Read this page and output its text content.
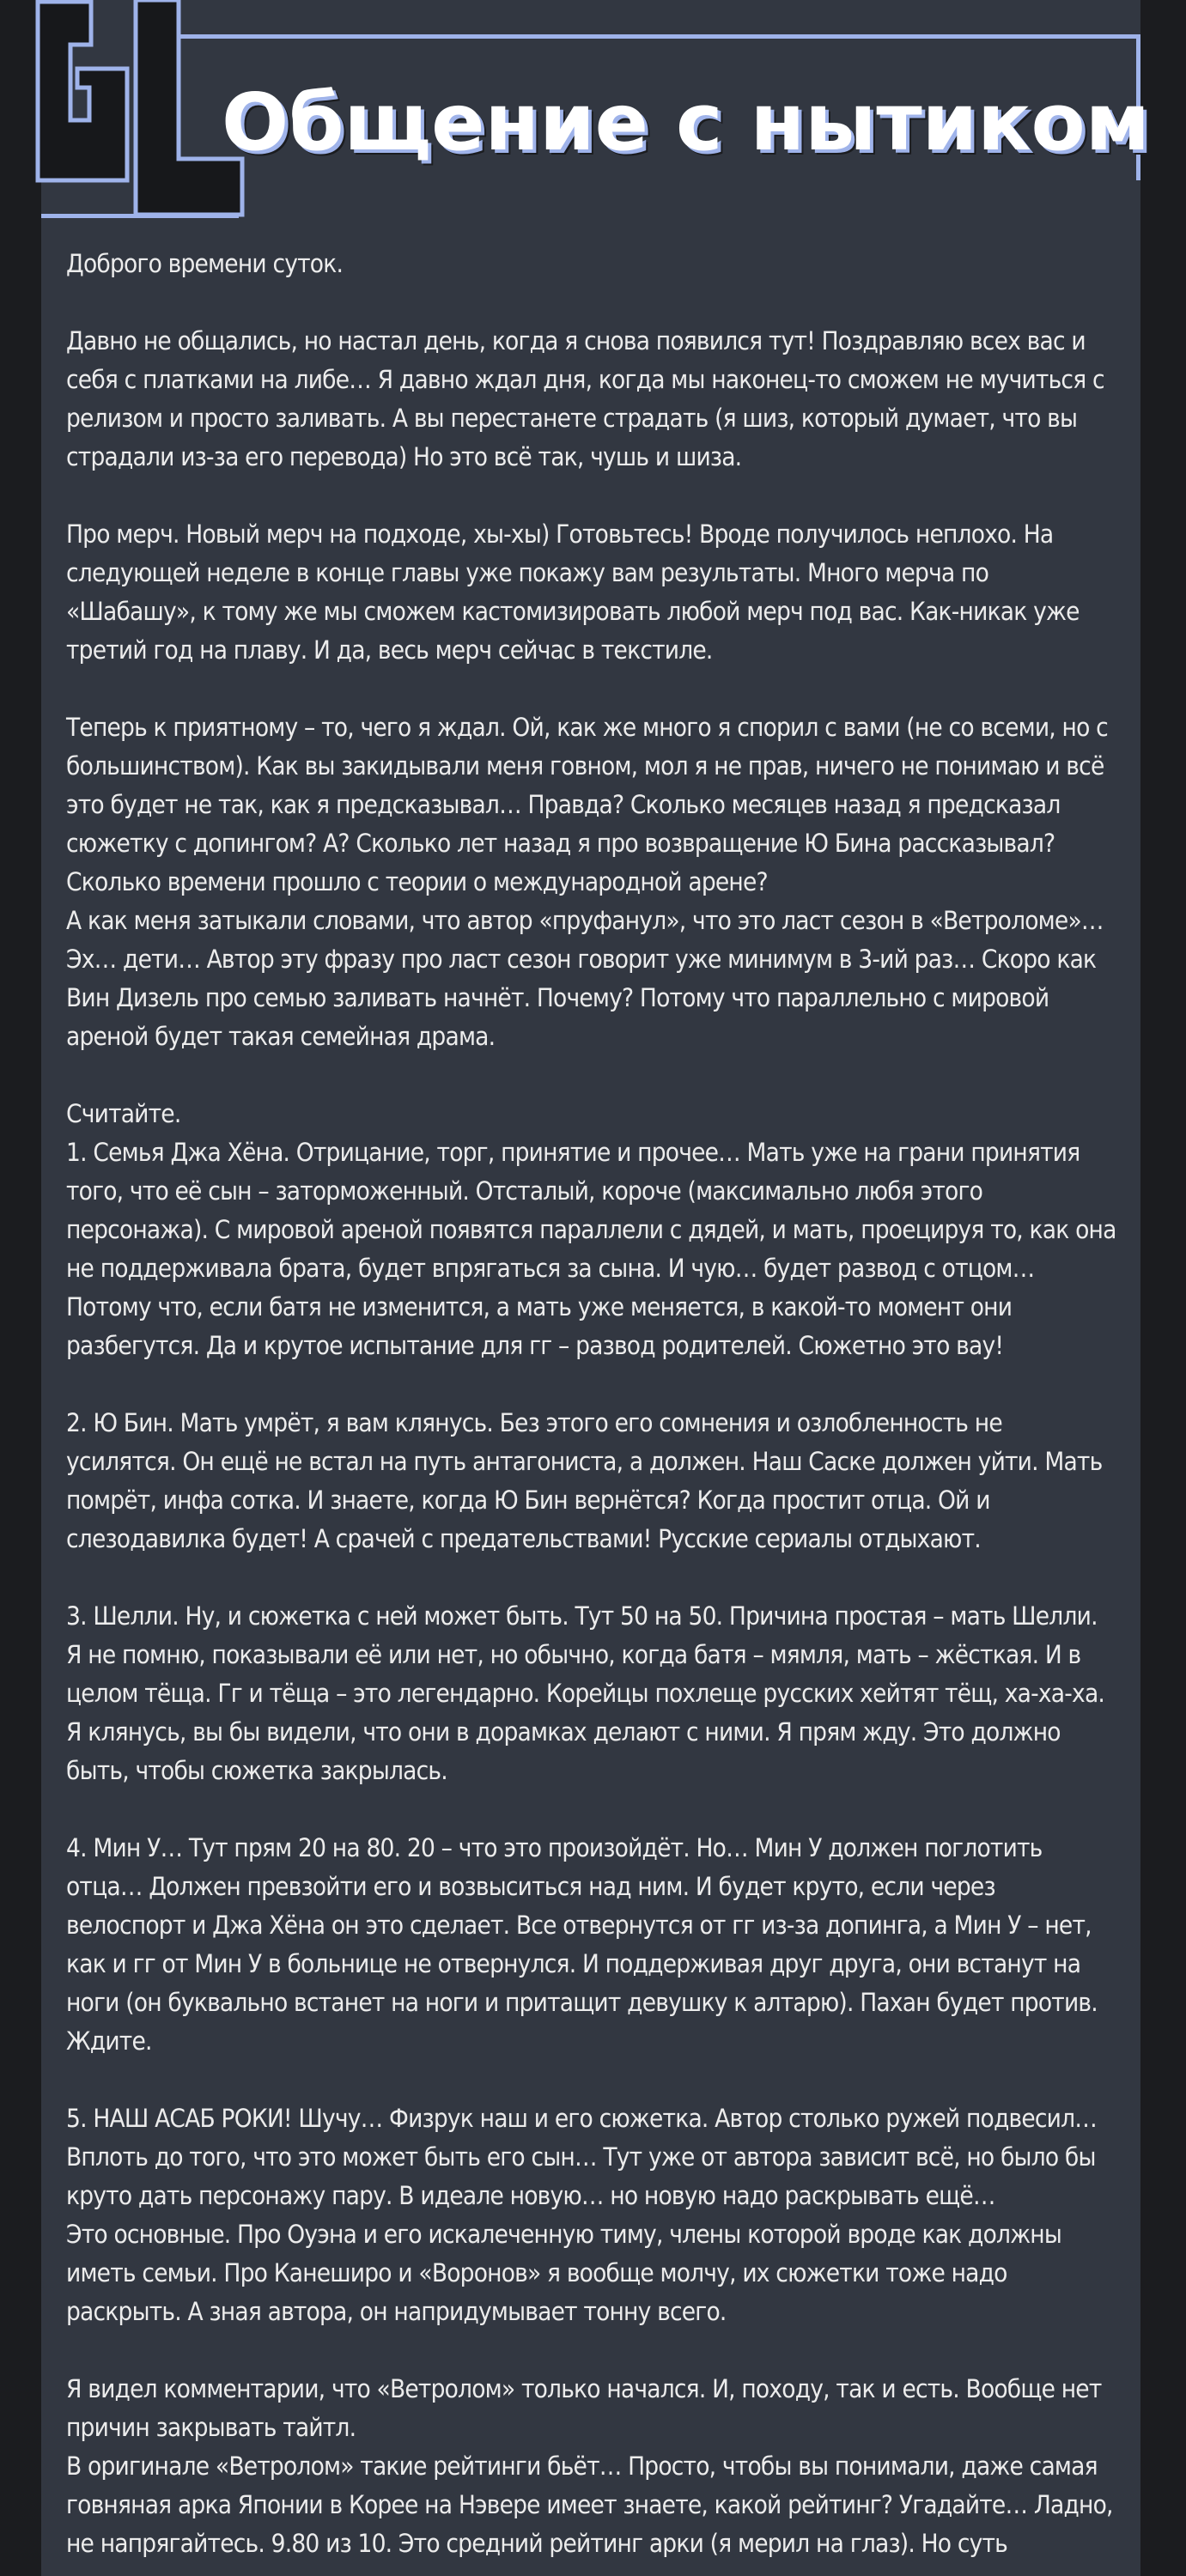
Общение с нытиком

Доброго времени суток.

Давно не общались, но настал день, когда я снова появился тут! Поздравляю всех вас и себя с платками на либе… Я давно ждал дня, когда мы наконец-то сможем не мучиться с релизом и просто заливать. А вы перестанете страдать (я шиз, который думает, что вы страдали из-за его перевода) Но это всё так, чушь и шиза.

Про мерч. Новый мерч на подходе, хы-хы) Готовьтесь! Вроде получилось неплохо. На следующей неделе в конце главы уже покажу вам результаты. Много мерча по «Шабашу», к тому же мы сможем кастомизировать любой мерч под вас. Как-никак уже третий год на плаву. И да, весь мерч сейчас в текстиле.

Теперь к приятному – то, чего я ждал. Ой, как же много я спорил с вами (не со всеми, но с большинством). Как вы закидывали меня говном, мол я не прав, ничего не понимаю и всё это будет не так, как я предсказывал… Правда? Сколько месяцев назад я предсказал сюжетку с допингом? А? Сколько лет назад я про возвращение Ю Бина рассказывал? Сколько времени прошло с теории о международной арене?

А как меня затыкали словами, что автор «пруфанул», что это ласт сезон в «Ветроломе»… Эх… дети… Автор эту фразу про ласт сезон говорит уже минимум в 3-ий раз… Скоро как Вин Дизель про семью заливать начнёт. Почему? Потому что параллельно с мировой ареной будет такая семейная драма.

Считайте.

1. Семья Джа Хёна. Отрицание, торг, принятие и прочее… Мать уже на грани принятия того, что её сын – заторможенный. Отсталый, короче (максимально любя этого персонажа). С мировой ареной появятся параллели с дядей, и мать, проецируя то, как она не поддерживала брата, будет впрягаться за сына. И чую… будет развод с отцом… Потому что, если батя не изменится, а мать уже меняется, в какой-то момент они разбегутся. Да и крутое испытание для гг – развод родителей. Сюжетно это вау!

2. Ю Бин. Мать умрёт, я вам клянусь. Без этого его сомнения и озлобленность не усилятся. Он ещё не встал на путь антагониста, а должен. Наш Саске должен уйти. Мать помрёт, инфа сотка. И знаете, когда Ю Бин вернётся? Когда простит отца. Ой и слезодавилка будет! А срачей с предательствами! Русские сериалы отдыхают.

3. Шелли. Ну, и сюжетка с ней может быть. Тут 50 на 50. Причина простая – мать Шелли. Я не помню, показывали её или нет, но обычно, когда батя – мямля, мать – жёсткая. И в целом тёща. Гг и тёща – это легендарно. Корейцы похлеще русских хейтят тёщ, ха-ха-ха. Я клянусь, вы бы видели, что они в дорамках делают с ними. Я прям жду. Это должно быть, чтобы сюжетка закрылась.

4. Мин У… Тут прям 20 на 80. 20 – что это произойдёт. Но… Мин У должен поглотить отца… Должен превзойти его и возвыситься над ним. И будет круто, если через велоспорт и Джа Хёна он это сделает. Все отвернутся от гг из-за допинга, а Мин У – нет, как и гг от Мин У в больнице не отвернулся. И поддерживая друг друга, они встанут на ноги (он буквально встанет на ноги и притащит девушку к алтарю). Пахан будет против. Ждите.

5. НАШ АСАБ РОКИ! Шучу… Физрук наш и его сюжетка. Автор столько ружей подвесил… Вплоть до того, что это может быть его сын… Тут уже от автора зависит всё, но было бы круто дать персонажу пару. В идеале новую… но новую надо раскрывать ещё…

Это основные. Про Оуэна и его искалеченную тиму, члены которой вроде как должны иметь семьи. Про Канеширо и «Воронов» я вообще молчу, их сюжетки тоже надо раскрыть. А зная автора, он напридумывает тонну всего.

Я видел комментарии, что «Ветролом» только начался. И, походу, так и есть. Вообще нет причин закрывать тайтл.

В оригинале «Ветролом» такие рейтинги бьёт… Просто, чтобы вы понимали, даже самая говняная арка Японии в Корее на Нэвере имеет знаете, какой рейтинг? Угадайте… Ладно, не напрягайтесь. 9.80 из 10. Это средний рейтинг арки (я мерил на глаз). Но суть
